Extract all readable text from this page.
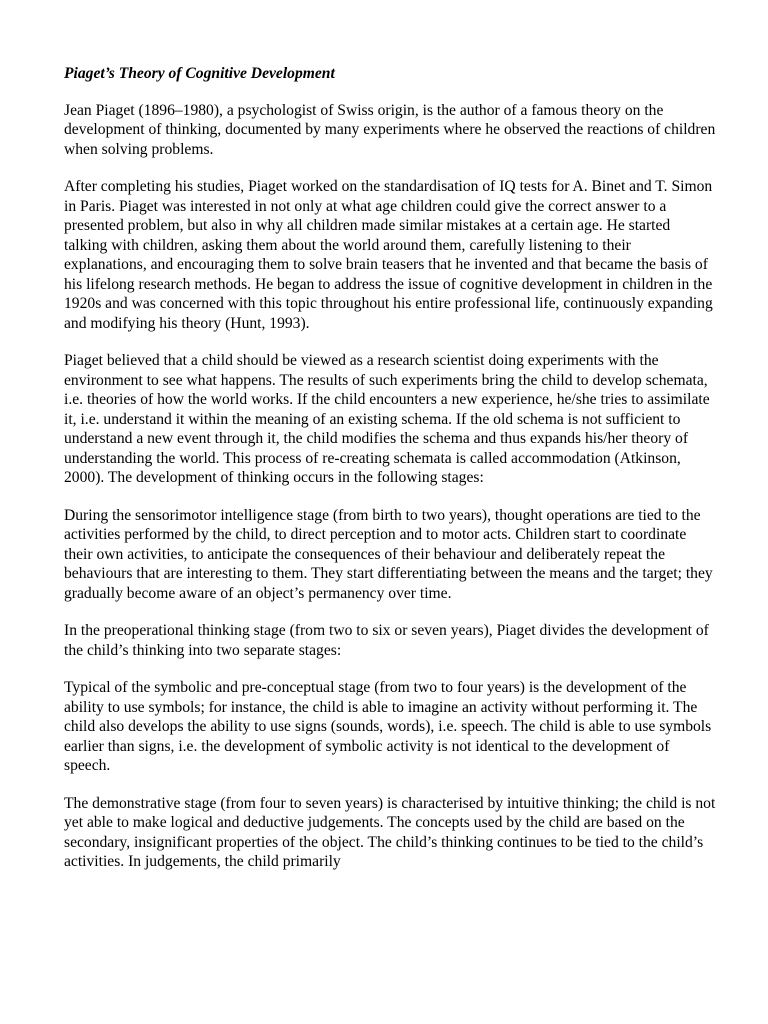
Piaget’s Theory of Cognitive Development

Jean Piaget (1896–1980), a psychologist of Swiss origin, is the author of a famous theory on the development of thinking, documented by many experiments where he observed the reactions of children when solving problems.

After completing his studies, Piaget worked on the standardisation of IQ tests for A. Binet and T. Simon in Paris. Piaget was interested in not only at what age children could give the correct answer to a presented problem, but also in why all children made similar mistakes at a certain age. He started talking with children, asking them about the world around them, carefully listening to their explanations, and encouraging them to solve brain teasers that he invented and that became the basis of his lifelong research methods. He began to address the issue of cognitive development in children in the 1920s and was concerned with this topic throughout his entire professional life, continuously expanding and modifying his theory (Hunt, 1993).

Piaget believed that a child should be viewed as a research scientist doing experiments with the environment to see what happens. The results of such experiments bring the child to develop schemata, i.e. theories of how the world works. If the child encounters a new experience, he/she tries to assimilate it, i.e. understand it within the meaning of an existing schema. If the old schema is not sufficient to understand a new event through it, the child modifies the schema and thus expands his/her theory of understanding the world. This process of re-creating schemata is called accommodation (Atkinson, 2000). The development of thinking occurs in the following stages:

During the sensorimotor intelligence stage (from birth to two years), thought operations are tied to the activities performed by the child, to direct perception and to motor acts. Children start to coordinate their own activities, to anticipate the consequences of their behaviour and deliberately repeat the behaviours that are interesting to them. They start differentiating between the means and the target; they gradually become aware of an object’s permanency over time.

In the preoperational thinking stage (from two to six or seven years), Piaget divides the development of the child’s thinking into two separate stages:

Typical of the symbolic and pre-conceptual stage (from two to four years) is the development of the ability to use symbols; for instance, the child is able to imagine an activity without performing it. The child also develops the ability to use signs (sounds, words), i.e. speech. The child is able to use symbols earlier than signs, i.e. the development of symbolic activity is not identical to the development of speech.

The demonstrative stage (from four to seven years) is characterised by intuitive thinking; the child is not yet able to make logical and deductive judgements. The concepts used by the child are based on the secondary, insignificant properties of the object. The child’s thinking continues to be tied to the child’s activities. In judgements, the child primarily
